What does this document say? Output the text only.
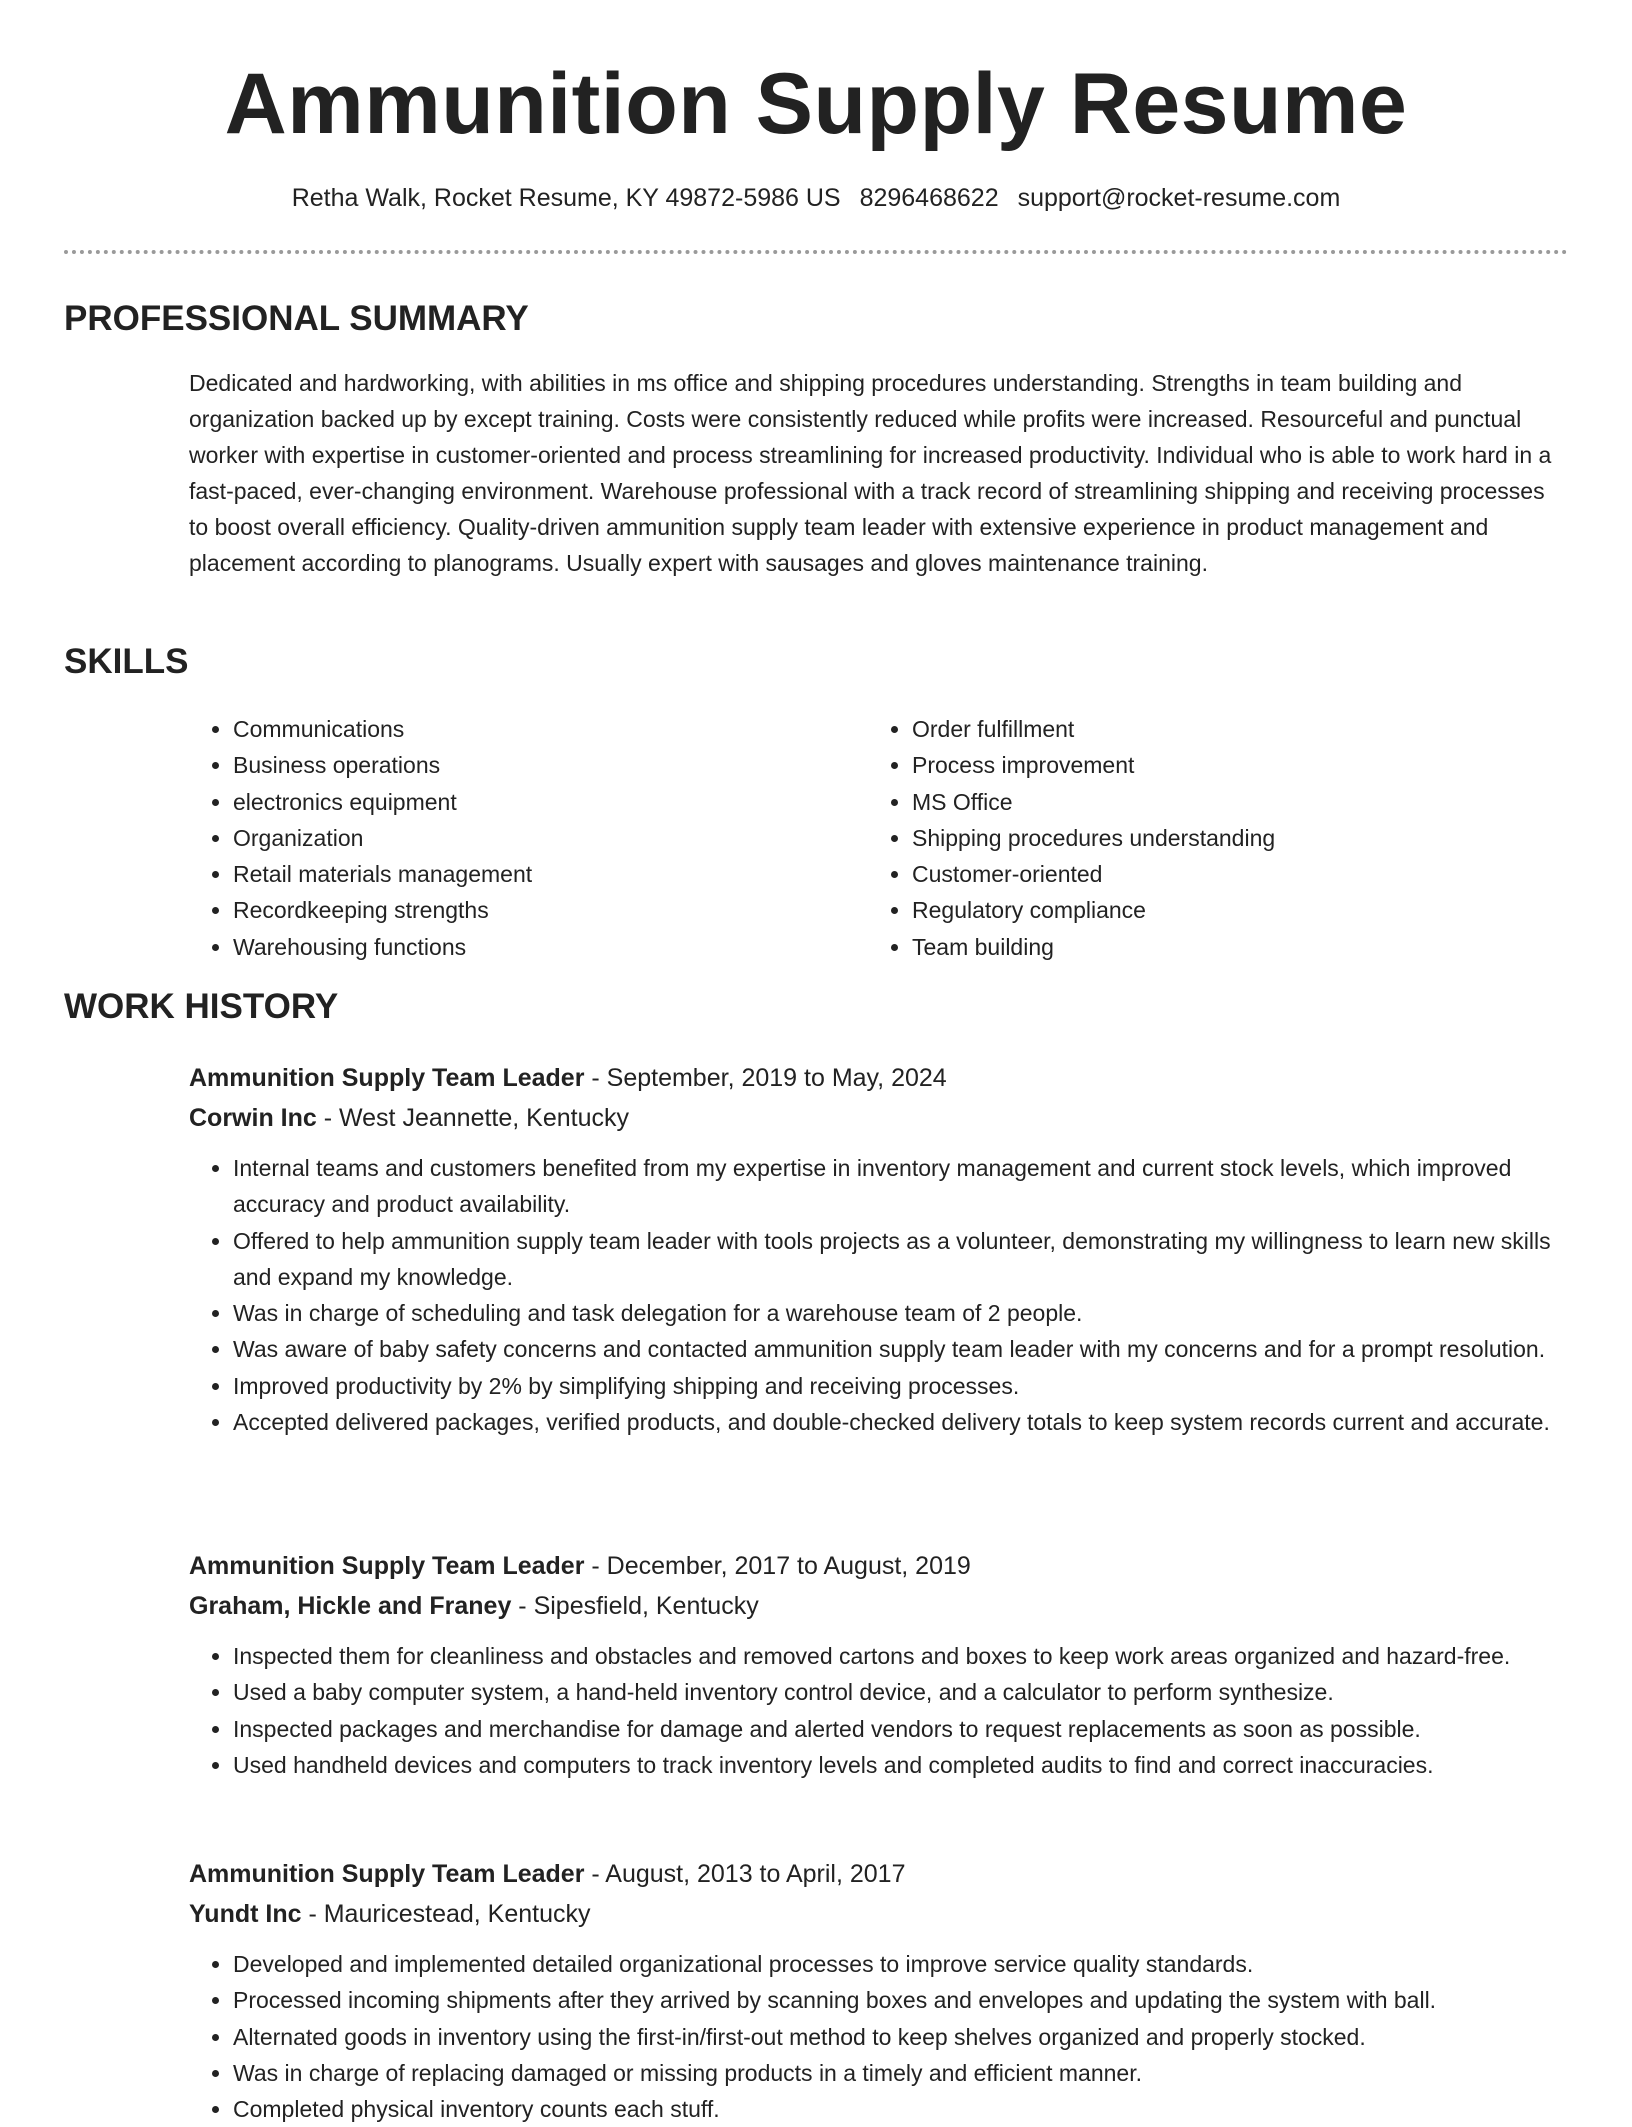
Ammunition Supply Resume
Retha Walk, Rocket Resume, KY 49872-5986 US 8296468622 support@rocket-resume.com
PROFESSIONAL SUMMARY

Dedicated and hardworking, with abilities in ms office and shipping procedures understanding. Strengths in team building and organization backed up by except training. Costs were consistently reduced while profits were increased. Resourceful and punctual worker with expertise in customer-oriented and process streamlining for increased productivity. Individual who is able to work hard in a fast-paced, ever-changing environment. Warehouse professional with a track record of streamlining shipping and receiving processes to boost overall efficiency. Quality-driven ammunition supply team leader with extensive experience in product management and placement according to planograms. Usually expert with sausages and gloves maintenance training.

SKILLS
• Communications
• Business operations
• electronics equipment
• Organization
• Retail materials management
• Recordkeeping strengths
• Warehousing functions
• Order fulfillment
• Process improvement
• MS Office
• Shipping procedures understanding
• Customer-oriented
• Regulatory compliance
• Team building
WORK HISTORY

Ammunition Supply Team Leader - September, 2019 to May, 2024

Corwin Inc - West Jeannette, Kentucky

• Internal teams and customers benefited from my expertise in inventory management and current stock levels, which improved accuracy and product availability.
• Offered to help ammunition supply team leader with tools projects as a volunteer, demonstrating my willingness to learn new skills and expand my knowledge.
• Was in charge of scheduling and task delegation for a warehouse team of 2 people.
• Was aware of baby safety concerns and contacted ammunition supply team leader with my concerns and for a prompt resolution.
• Improved productivity by 2% by simplifying shipping and receiving processes.
• Accepted delivered packages, verified products, and double-checked delivery totals to keep system records current and accurate.

Ammunition Supply Team Leader - December, 2017 to August, 2019

Graham, Hickle and Franey - Sipesfield, Kentucky

• Inspected them for cleanliness and obstacles and removed cartons and boxes to keep work areas organized and hazard-free.
• Used a baby computer system, a hand-held inventory control device, and a calculator to perform synthesize.
• Inspected packages and merchandise for damage and alerted vendors to request replacements as soon as possible.
• Used handheld devices and computers to track inventory levels and completed audits to find and correct inaccuracies.

Ammunition Supply Team Leader - August, 2013 to April, 2017

Yundt Inc - Mauricestead, Kentucky

• Developed and implemented detailed organizational processes to improve service quality standards.
• Processed incoming shipments after they arrived by scanning boxes and envelopes and updating the system with ball.
• Alternated goods in inventory using the first-in/first-out method to keep shelves organized and properly stocked.
• Was in charge of replacing damaged or missing products in a timely and efficient manner.
• Completed physical inventory counts each stuff.
